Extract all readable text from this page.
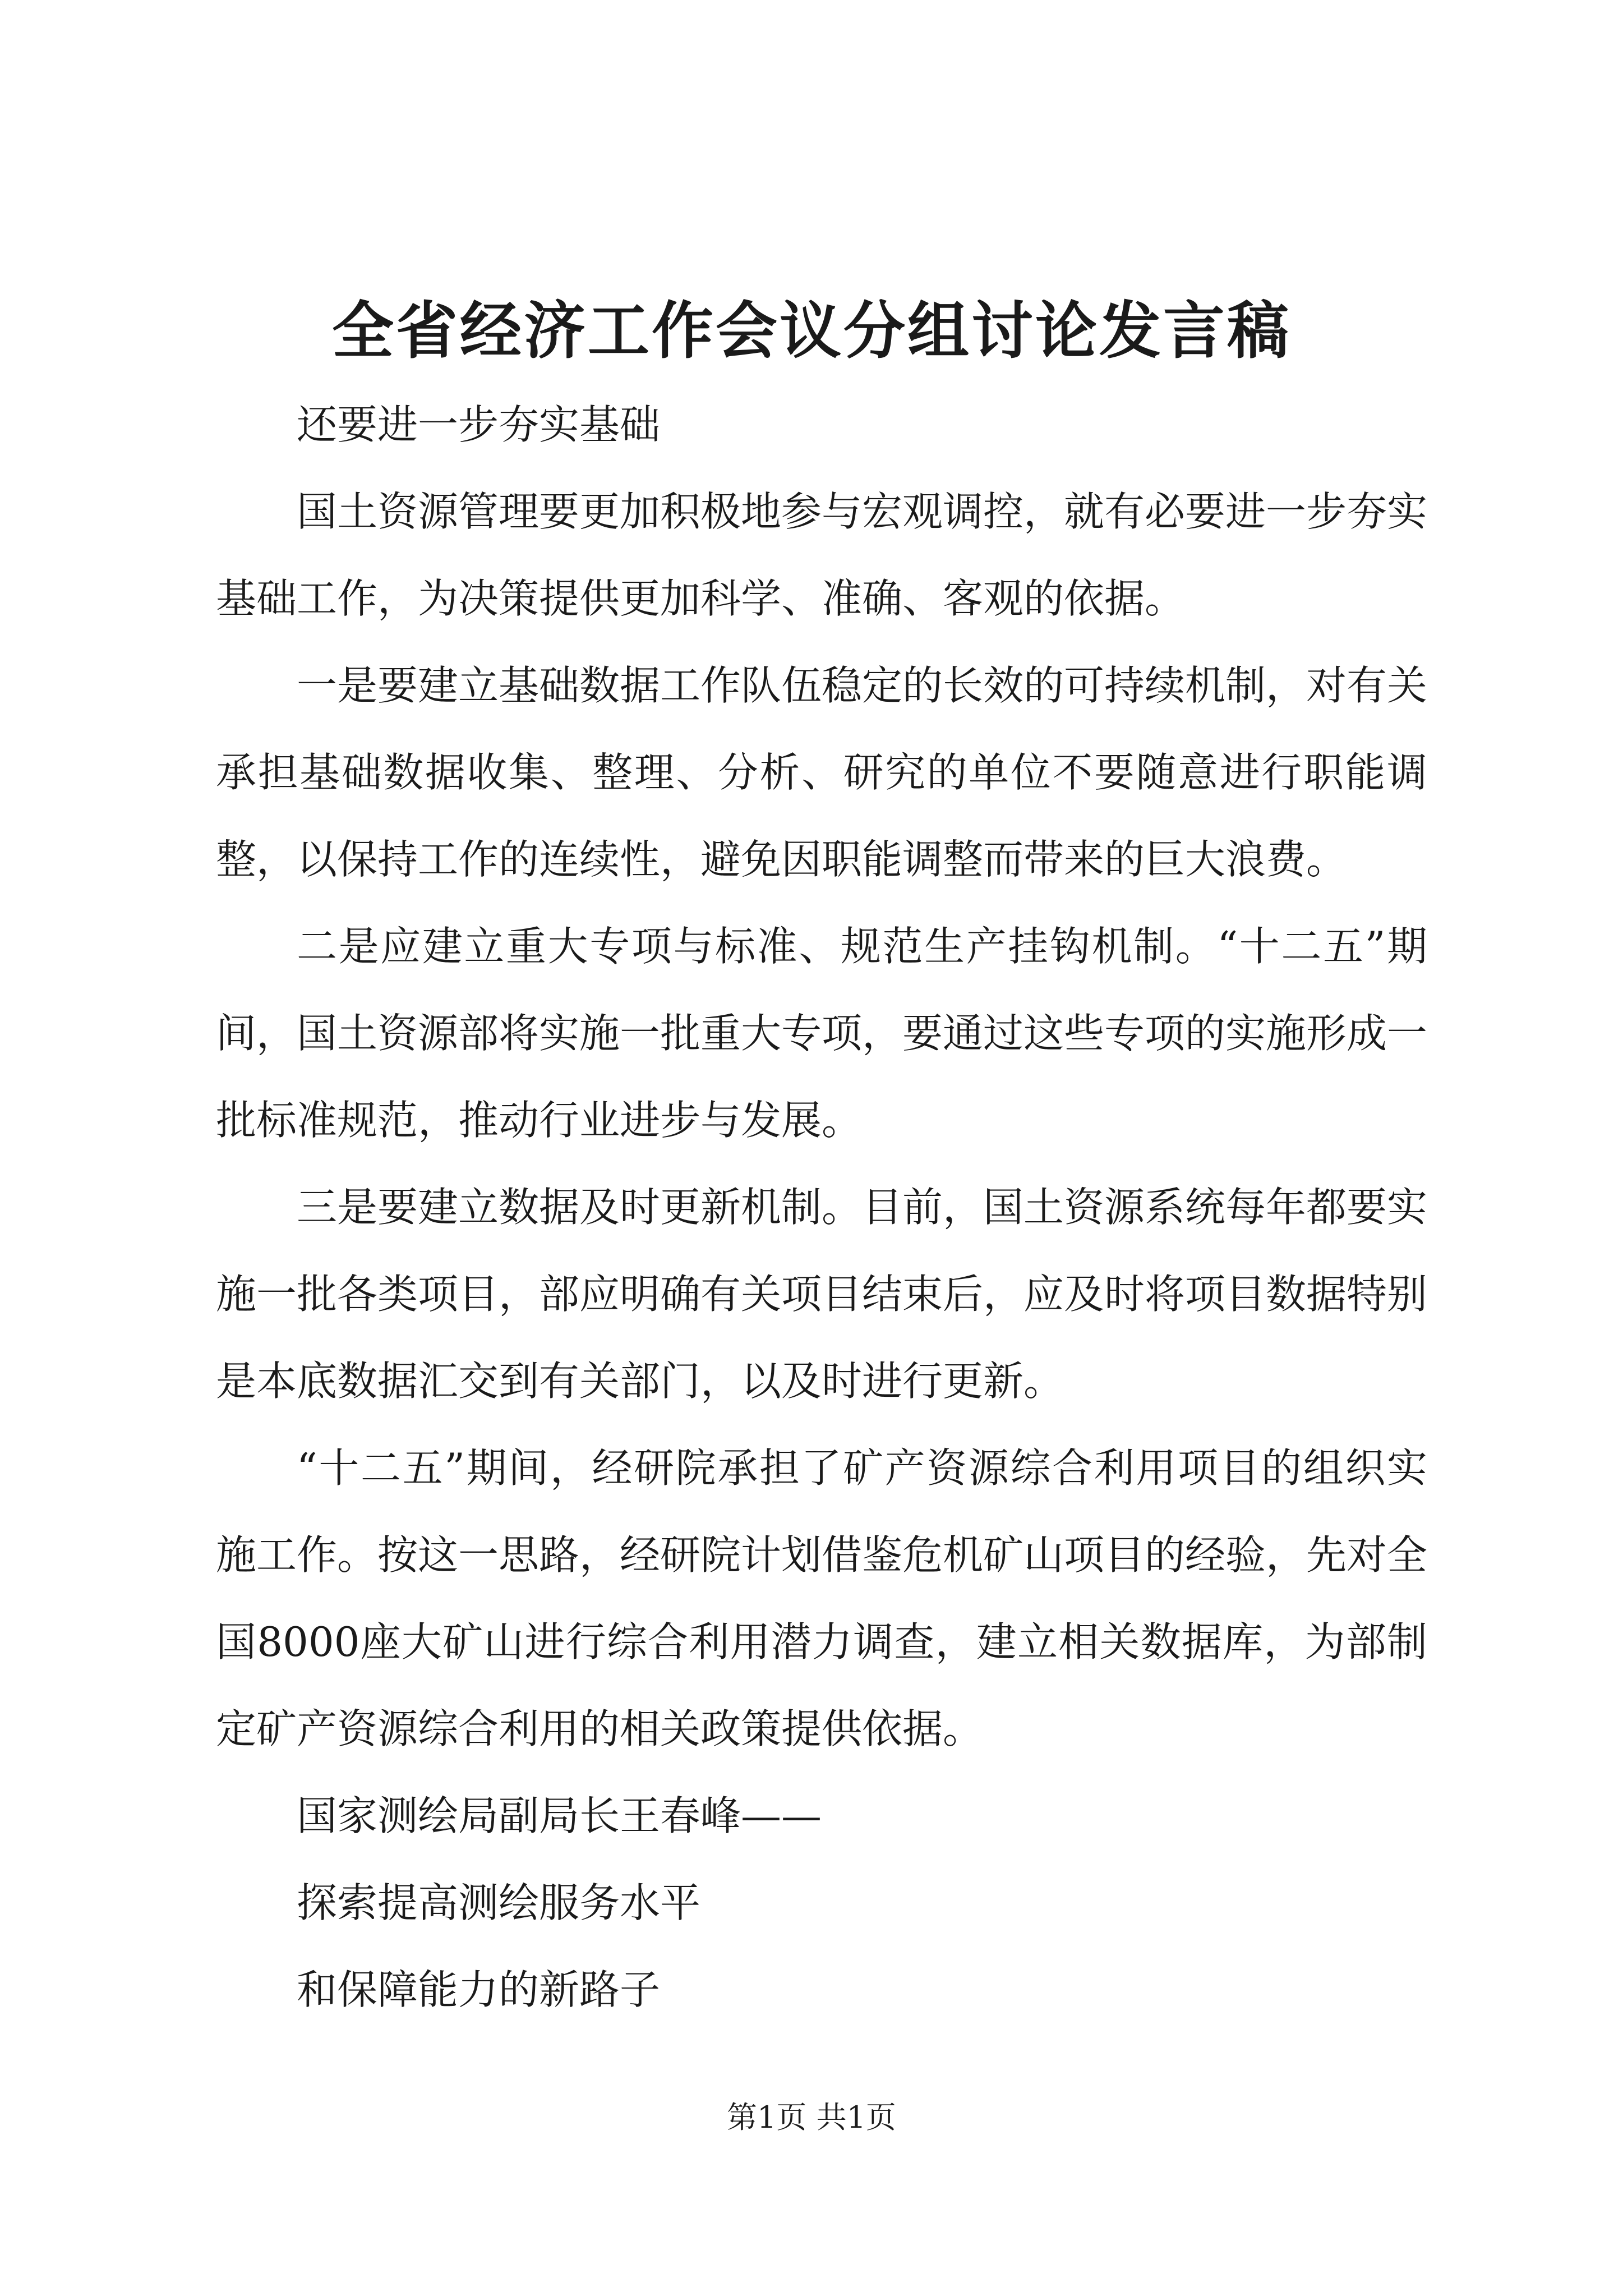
全省经济工作会议分组讨论发言稿

还要进一步夯实基础

国土资源管理要更加积极地参与宏观调控，就有必要进一步夯实基础工作，为决策提供更加科学、准确、客观的依据。

一是要建立基础数据工作队伍稳定的长效的可持续机制，对有关承担基础数据收集、整理、分析、研究的单位不要随意进行职能调整，以保持工作的连续性，避免因职能调整而带来的巨大浪费。

二是应建立重大专项与标准、规范生产挂钩机制。“十二五”期间，国土资源部将实施一批重大专项，要通过这些专项的实施形成一批标准规范，推动行业进步与发展。

三是要建立数据及时更新机制。目前，国土资源系统每年都要实施一批各类项目，部应明确有关项目结束后，应及时将项目数据特别是本底数据汇交到有关部门，以及时进行更新。

“十二五”期间，经研院承担了矿产资源综合利用项目的组织实施工作。按这一思路，经研院计划借鉴危机矿山项目的经验，先对全国8000座大矿山进行综合利用潜力调查，建立相关数据库，为部制定矿产资源综合利用的相关政策提供依据。

国家测绘局副局长王春峰——

探索提高测绘服务水平

和保障能力的新路子

第1页 共1页
